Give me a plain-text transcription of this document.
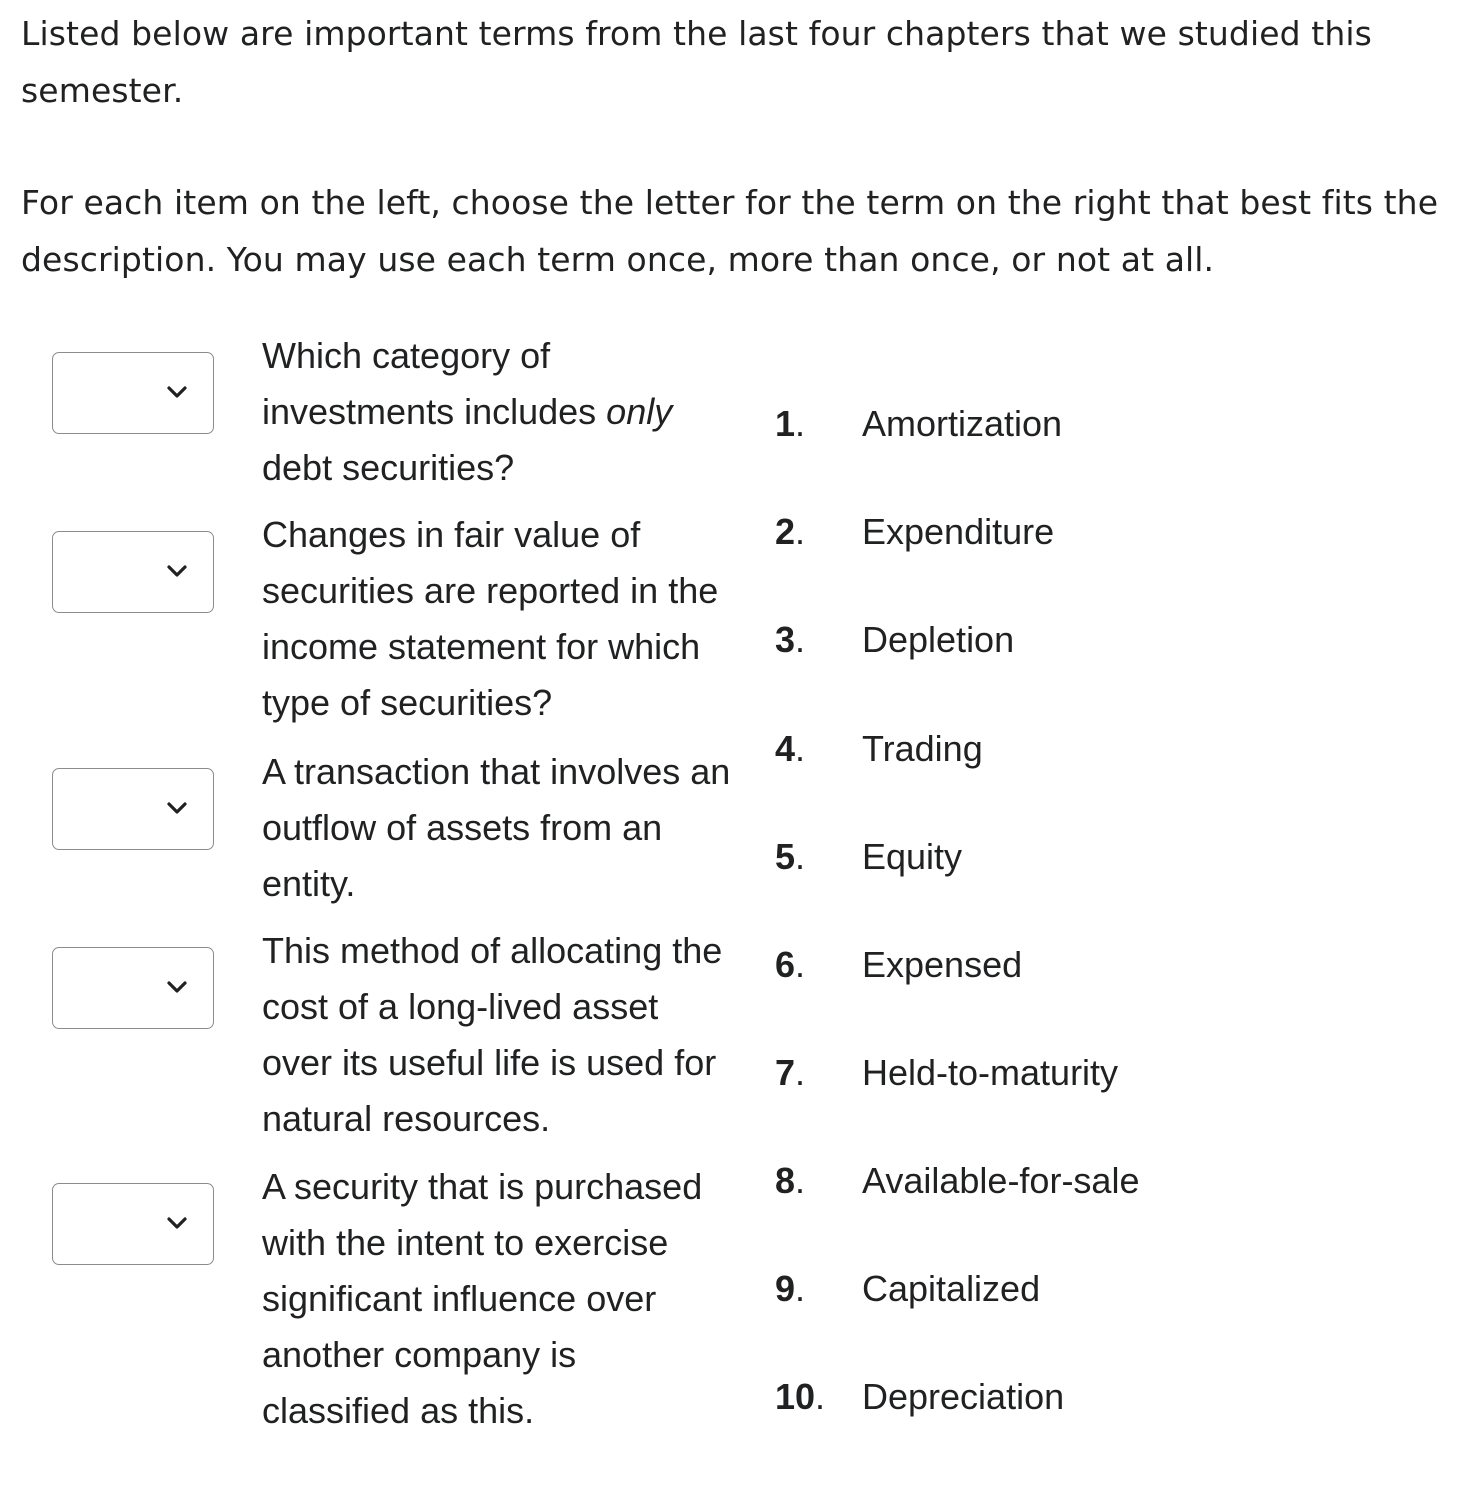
Listed below are important terms from the last four chapters that we studied this semester.

For each item on the left, choose the letter for the term on the right that best fits the description. You may use each term once, more than once, or not at all.

Which category of investments includes only debt securities?

Changes in fair value of securities are reported in the income statement for which type of securities?

A transaction that involves an outflow of assets from an entity.

This method of allocating the cost of a long-lived asset over its useful life is used for natural resources.

A security that is purchased with the intent to exercise significant influence over another company is classified as this.

1. Amortization
2. Expenditure
3. Depletion
4. Trading
5. Equity
6. Expensed
7. Held-to-maturity
8. Available-for-sale
9. Capitalized
10. Depreciation
